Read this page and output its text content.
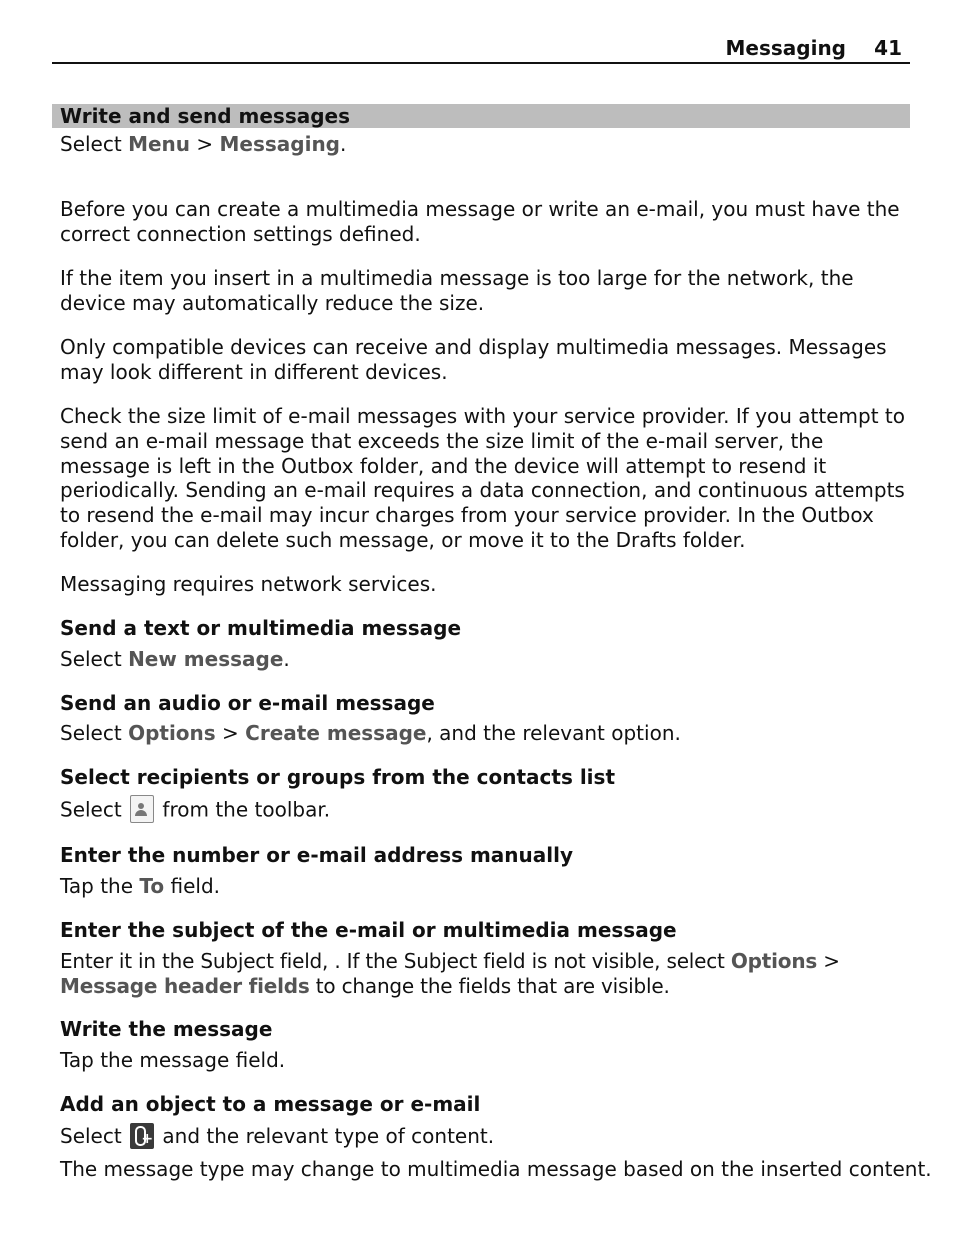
Messaging 41
Write and send messages
Select Menu > Messaging.
Before you can create a multimedia message or write an e-mail, you must have the correct connection settings defined.
If the item you insert in a multimedia message is too large for the network, the device may automatically reduce the size.
Only compatible devices can receive and display multimedia messages. Messages may look different in different devices.
Check the size limit of e-mail messages with your service provider. If you attempt to send an e-mail message that exceeds the size limit of the e-mail server, the message is left in the Outbox folder, and the device will attempt to resend it periodically. Sending an e-mail requires a data connection, and continuous attempts to resend the e-mail may incur charges from your service provider. In the Outbox folder, you can delete such message, or move it to the Drafts folder.
Messaging requires network services.
Send a text or multimedia message
Select New message.
Send an audio or e-mail message
Select Options > Create message, and the relevant option.
Select recipients or groups from the contacts list
Select  from the toolbar.
Enter the number or e-mail address manually
Tap the To field.
Enter the subject of the e-mail or multimedia message
Enter it in the Subject field, . If the Subject field is not visible, select Options > Message header fields to change the fields that are visible.
Write the message
Tap the message field.
Add an object to a message or e-mail
Select + and the relevant type of content.
The message type may change to multimedia message based on the inserted content.
